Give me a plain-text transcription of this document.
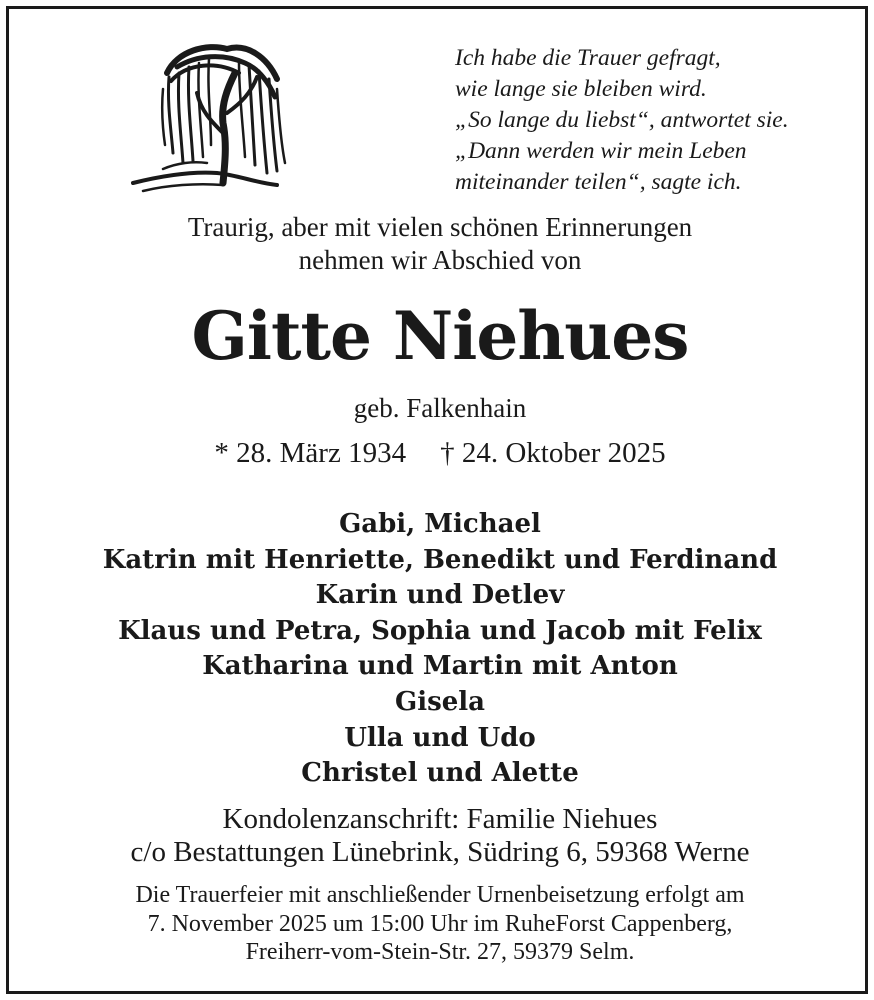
Ich habe die Trauer gefragt,
wie lange sie bleiben wird.
„So lange du liebst“, antwortet sie.
„Dann werden wir mein Leben
miteinander teilen“, sagte ich.
Traurig, aber mit vielen schönen Erinnerungen
nehmen wir Abschied von
Gitte Niehues
geb. Falkenhain
* 28. März 1934 † 24. Oktober 2025
Gabi, Michael
Katrin mit Henriette, Benedikt und Ferdinand
Karin und Detlev
Klaus und Petra, Sophia und Jacob mit Felix
Katharina und Martin mit Anton
Gisela
Ulla und Udo
Christel und Alette
Kondolenzanschrift: Familie Niehues
c/o Bestattungen Lünebrink, Südring 6, 59368 Werne
Die Trauerfeier mit anschließender Urnenbeisetzung erfolgt am
7. November 2025 um 15:00 Uhr im RuheForst Cappenberg,
Freiherr-vom-Stein-Str. 27, 59379 Selm.
